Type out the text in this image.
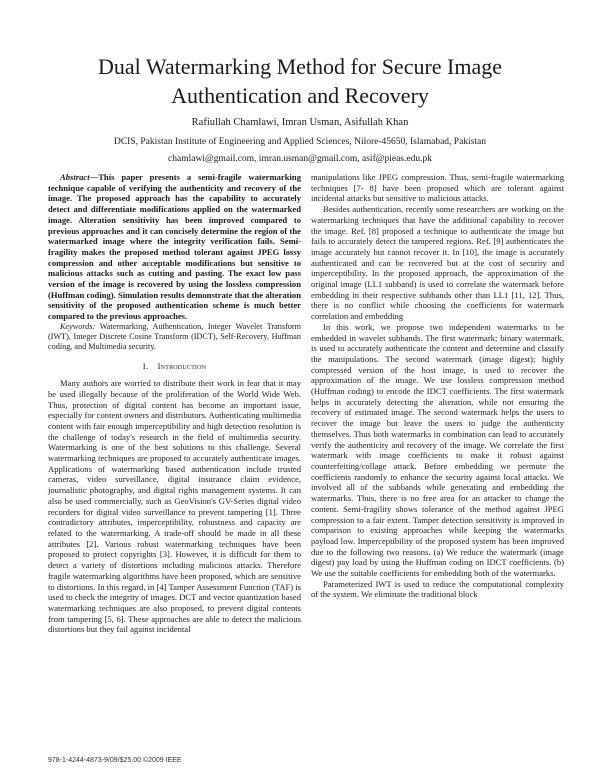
Dual Watermarking Method for Secure Image
Authentication and Recovery
Rafiullah Chamlawi, Imran Usman, Asifullah Khan
DCIS, Pakistan Institute of Engineering and Applied Sciences, Nilore-45650, Islamabad, Pakistan
chamlawi@gmail.com, imran.usman@gmail.com, asif@pieas.edu.pk

Abstract—This paper presents a semi-fragile watermarking technique capable of verifying the authenticity and recovery of the image. The proposed approach has the capability to accurately detect and differentiate modifications applied on the watermarked image. Alteration sensitivity has been improved compared to previous approaches and it can concisely determine the region of the watermarked image where the integrity verification fails. Semi-fragility makes the proposed method tolerant against JPEG lossy compression and other acceptable modifications but sensitive to malicious attacks such as cutting and pasting. The exact low pass version of the image is recovered by using the lossless compression (Huffman coding). Simulation results demonstrate that the alteration sensitivity of the proposed authentication scheme is much better compared to the previous approaches.

Keywords: Watermarking, Authentication, Integer Wavelet Transform (IWT), Integer Discrete Cosine Transform (IDCT), Self-Recovery, Huffman coding, and Multimedia security.

I. Introduction

Many authors are worried to distribute their work in fear that it may be used illegally because of the proliferation of the World Wide Web. Thus, protection of digital content has become an important issue, especially for content owners and distributors. Authenticating multimedia content with fair enough imperceptibility and high detection resolution is the challenge of today's research in the field of multimedia security. Watermarking is one of the best solutions to this challenge. Several watermarking techniques are proposed to accurately authenticate images. Applications of watermarking based authentication include trusted cameras, video surveillance, digital insurance claim evidence, journalistic photography, and digital rights management systems. It can also be used commercially, such as GeoVision's GV-Series digital video recorders for digital video surveillance to prevent tampering [1]. Three contradictory attributes, imperceptibility, robustness and capacity are related to the watermarking. A trade-off should be made in all these attributes [2]. Various robust watermarking techniques have been proposed to protect copyrights [3]. However, it is difficult for them to detect a variety of distortions including malicious attacks. Therefore fragile watermarking algorithms have been proposed, which are sensitive to distortions. In this regard, in [4] Tamper Assessment Function (TAF) is used to check the integrity of images. DCT and vector quantization based watermarking techniques are also proposed, to prevent digital contents from tampering [5, 6]. These approaches are able to detect the malicious distortions but they fail against incidental

manipulations like JPEG compression. Thus, semi-fragile watermarking techniques [7- 8] have been proposed which are tolerant against incidental attacks but sensitive to malicious attacks.

Besides authentication, recently some researchers are working on the watermarking techniques that have the additional capability to recover the image. Ref. [8] proposed a technique to authenticate the image but fails to accurately detect the tampered regions. Ref. [9] authenticates the image accurately but cannot recover it. In [10], the image is accurately authenticated and can be recovered but at the cost of security and imperceptibility. In the proposed approach, the approximation of the original image (LL1 subband) is used to correlate the watermark before embedding in their respective subbands other than LL1 [11, 12]. Thus, there is no conflict while choosing the coefficients for watermark correlation and embedding

In this work, we propose two independent watermarks to be embedded in wavelet subbands. The first watermark; binary watermark, is used to accurately authenticate the content and determine and classify the manipulations. The second watermark (image digest); highly compressed version of the host image, is used to recover the approximation of the image. We use lossless compression method (Huffman coding) to encode the IDCT coefficients. The first watermark helps in accurately detecting the alteration, while not ensuring the recovery of estimated image. The second watermark helps the users to recover the image but leave the users to judge the authenticity themselves. Thus both watermarks in combination can lead to accurately verify the authenticity and recovery of the image. We correlate the first watermark with image coefficients to make it robust against counterfeiting/collage attack. Before embedding we permute the coefficients randomly to enhance the security against local attacks. We involved all of the subbands while generating and embedding the watermarks. Thus, there is no free area for an attacker to change the content. Semi-fragility shows tolerance of the method against JPEG compression to a fair extent. Tamper detection sensitivity is improved in comparison to existing approaches while keeping the watermarks payload low. Imperceptibility of the proposed system has been improved due to the following two reasons. (a) We reduce the watermark (image digest) pay load by using the Huffman coding on IDCT coefficients. (b) We use the suitable coefficients for embedding both of the watermarks.

Parameterized IWT is used to reduce the computational complexity of the system. We eliminate the traditional block

978-1-4244-4873-9/09/$25.00 ©2009 IEEE
